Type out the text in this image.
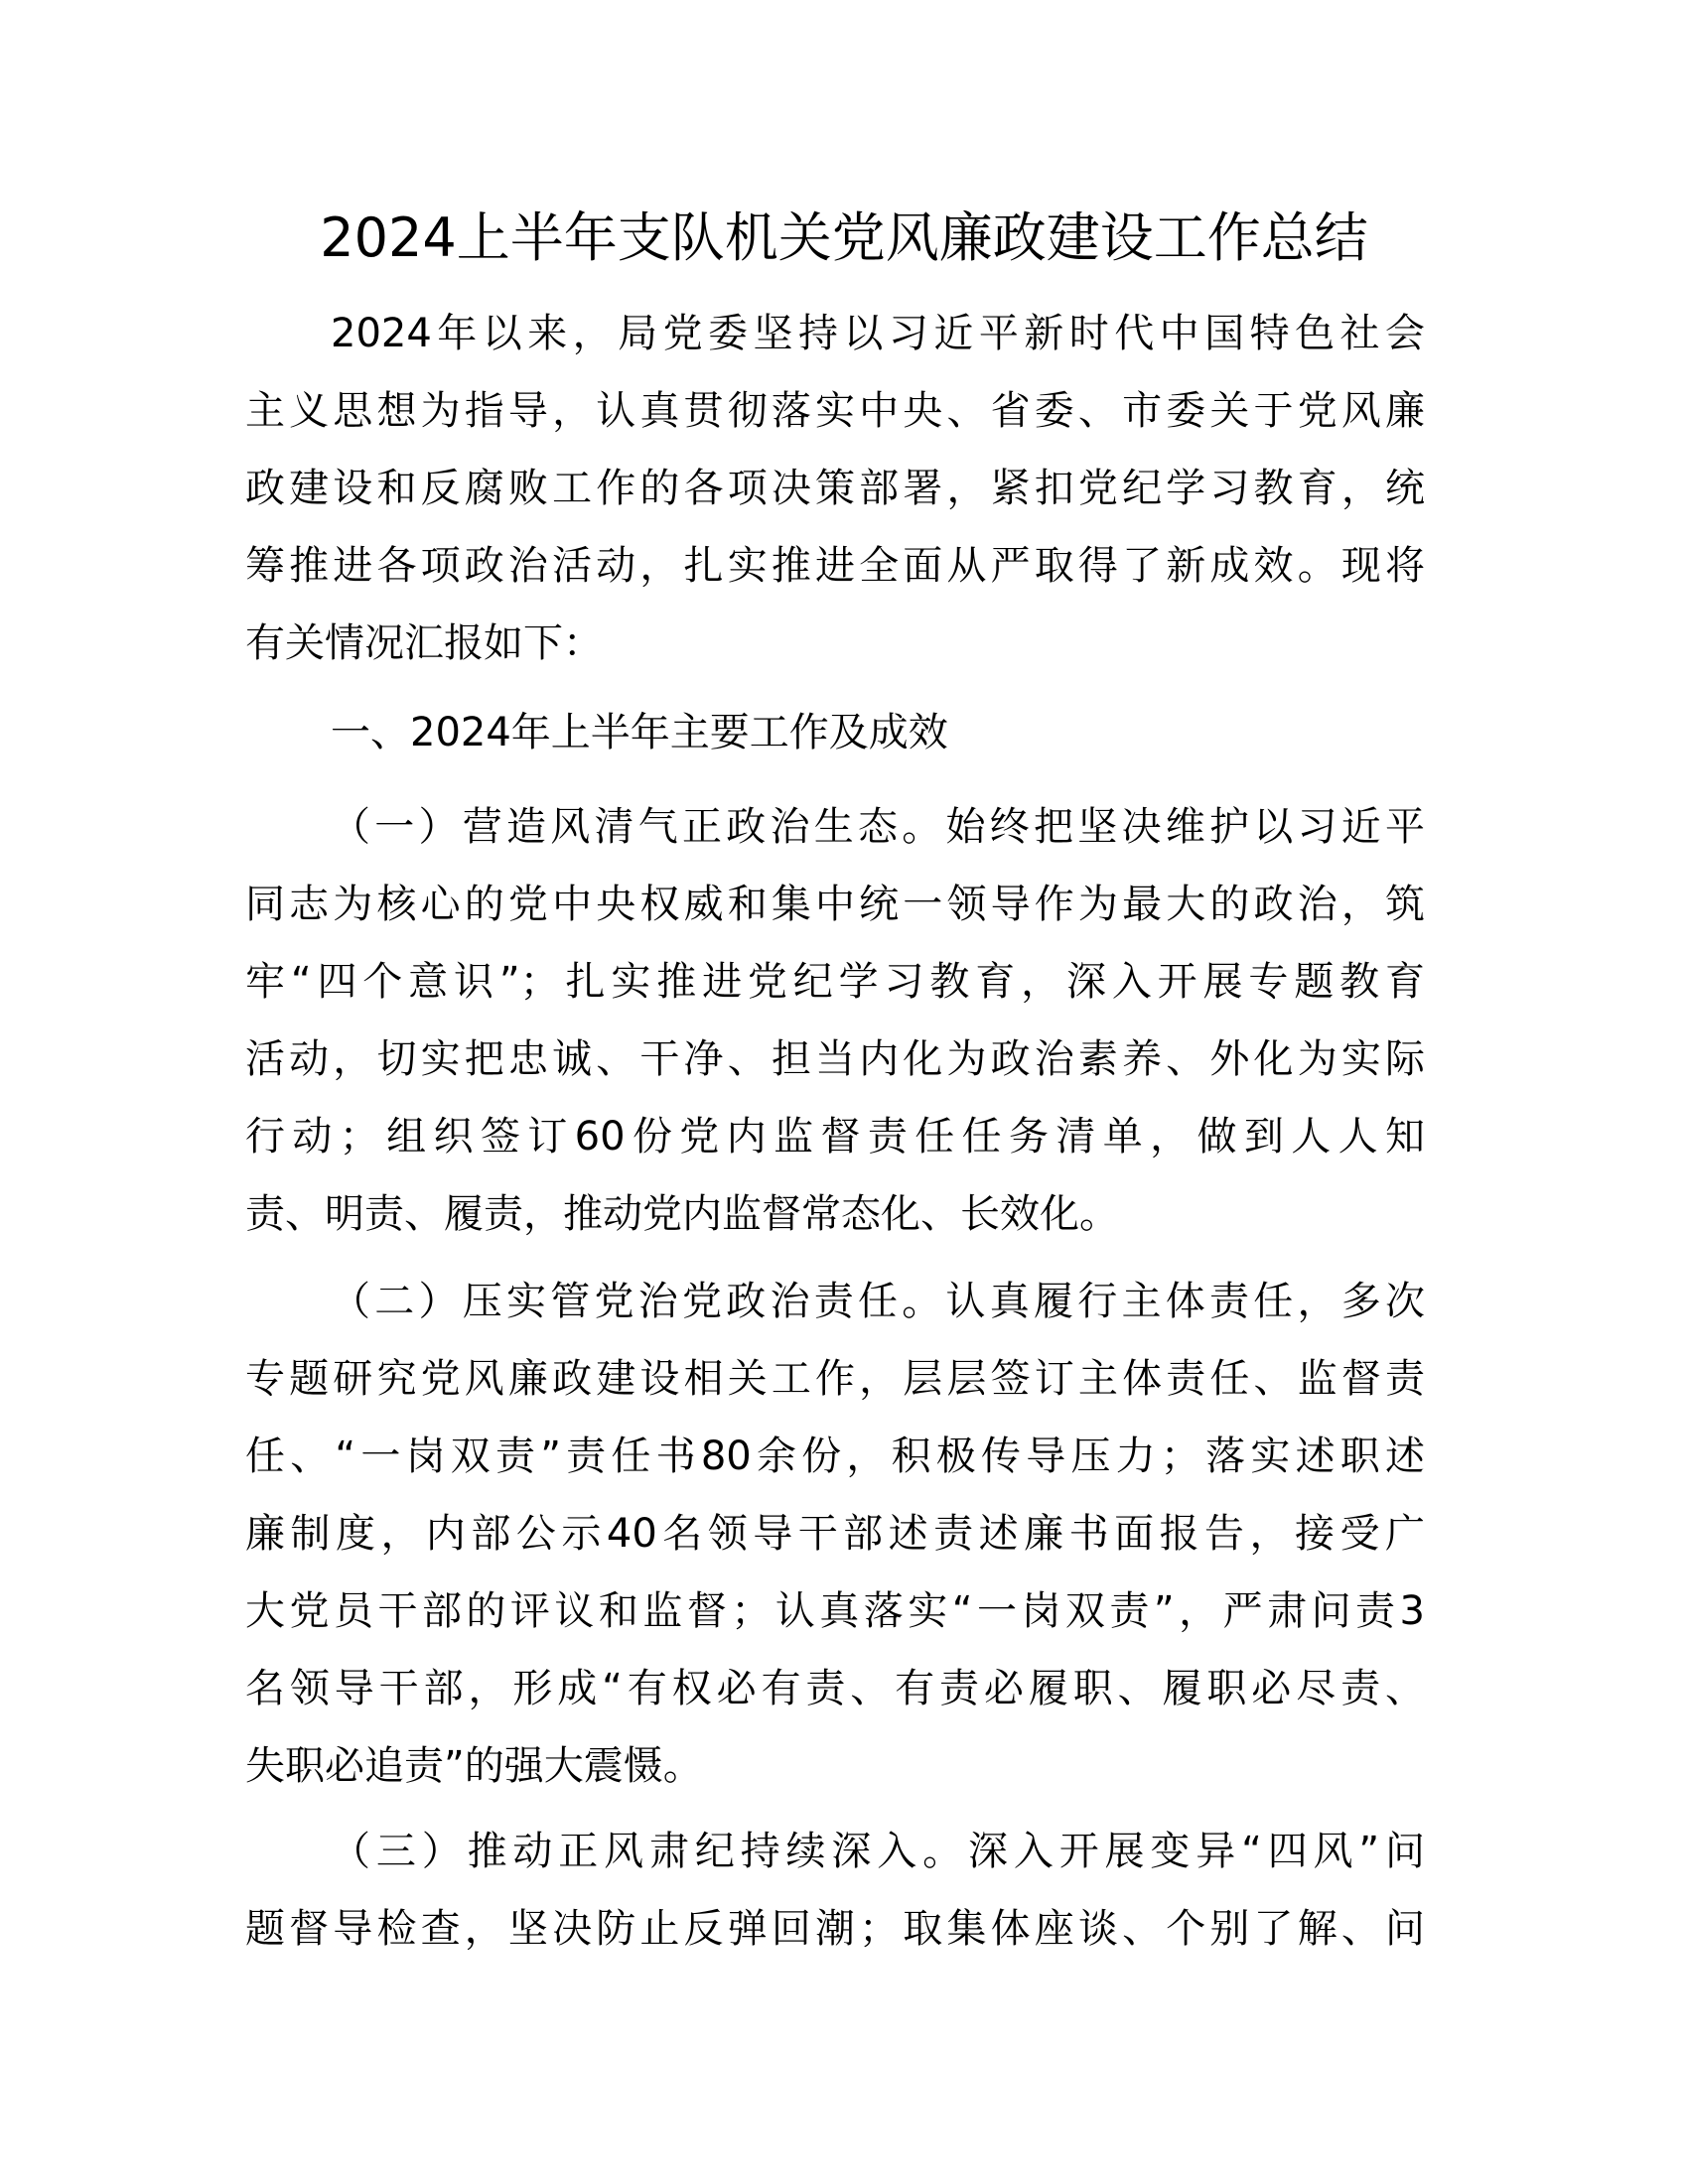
2024上半年支队机关党风廉政建设工作总结
2024年以来，局党委坚持以习近平新时代中国特色社会
主义思想为指导，认真贯彻落实中央、省委、市委关于党风廉
政建设和反腐败工作的各项决策部署，紧扣党纪学习教育，统
筹推进各项政治活动，扎实推进全面从严取得了新成效。现将
有关情况汇报如下：
一、2024年上半年主要工作及成效
（一）营造风清气正政治生态。始终把坚决维护以习近平
同志为核心的党中央权威和集中统一领导作为最大的政治，筑
牢“四个意识”；扎实推进党纪学习教育，深入开展专题教育
活动，切实把忠诚、干净、担当内化为政治素养、外化为实际
行动；组织签订60份党内监督责任任务清单，做到人人知
责、明责、履责，推动党内监督常态化、长效化。
（二）压实管党治党政治责任。认真履行主体责任，多次
专题研究党风廉政建设相关工作，层层签订主体责任、监督责
任、“一岗双责”责任书80余份，积极传导压力；落实述职述
廉制度，内部公示40名领导干部述责述廉书面报告，接受广
大党员干部的评议和监督；认真落实“一岗双责”，严肃问责3
名领导干部，形成“有权必有责、有责必履职、履职必尽责、
失职必追责”的强大震慑。
（三）推动正风肃纪持续深入。深入开展变异“四风”问
题督导检查，坚决防止反弹回潮；取集体座谈、个别了解、问
